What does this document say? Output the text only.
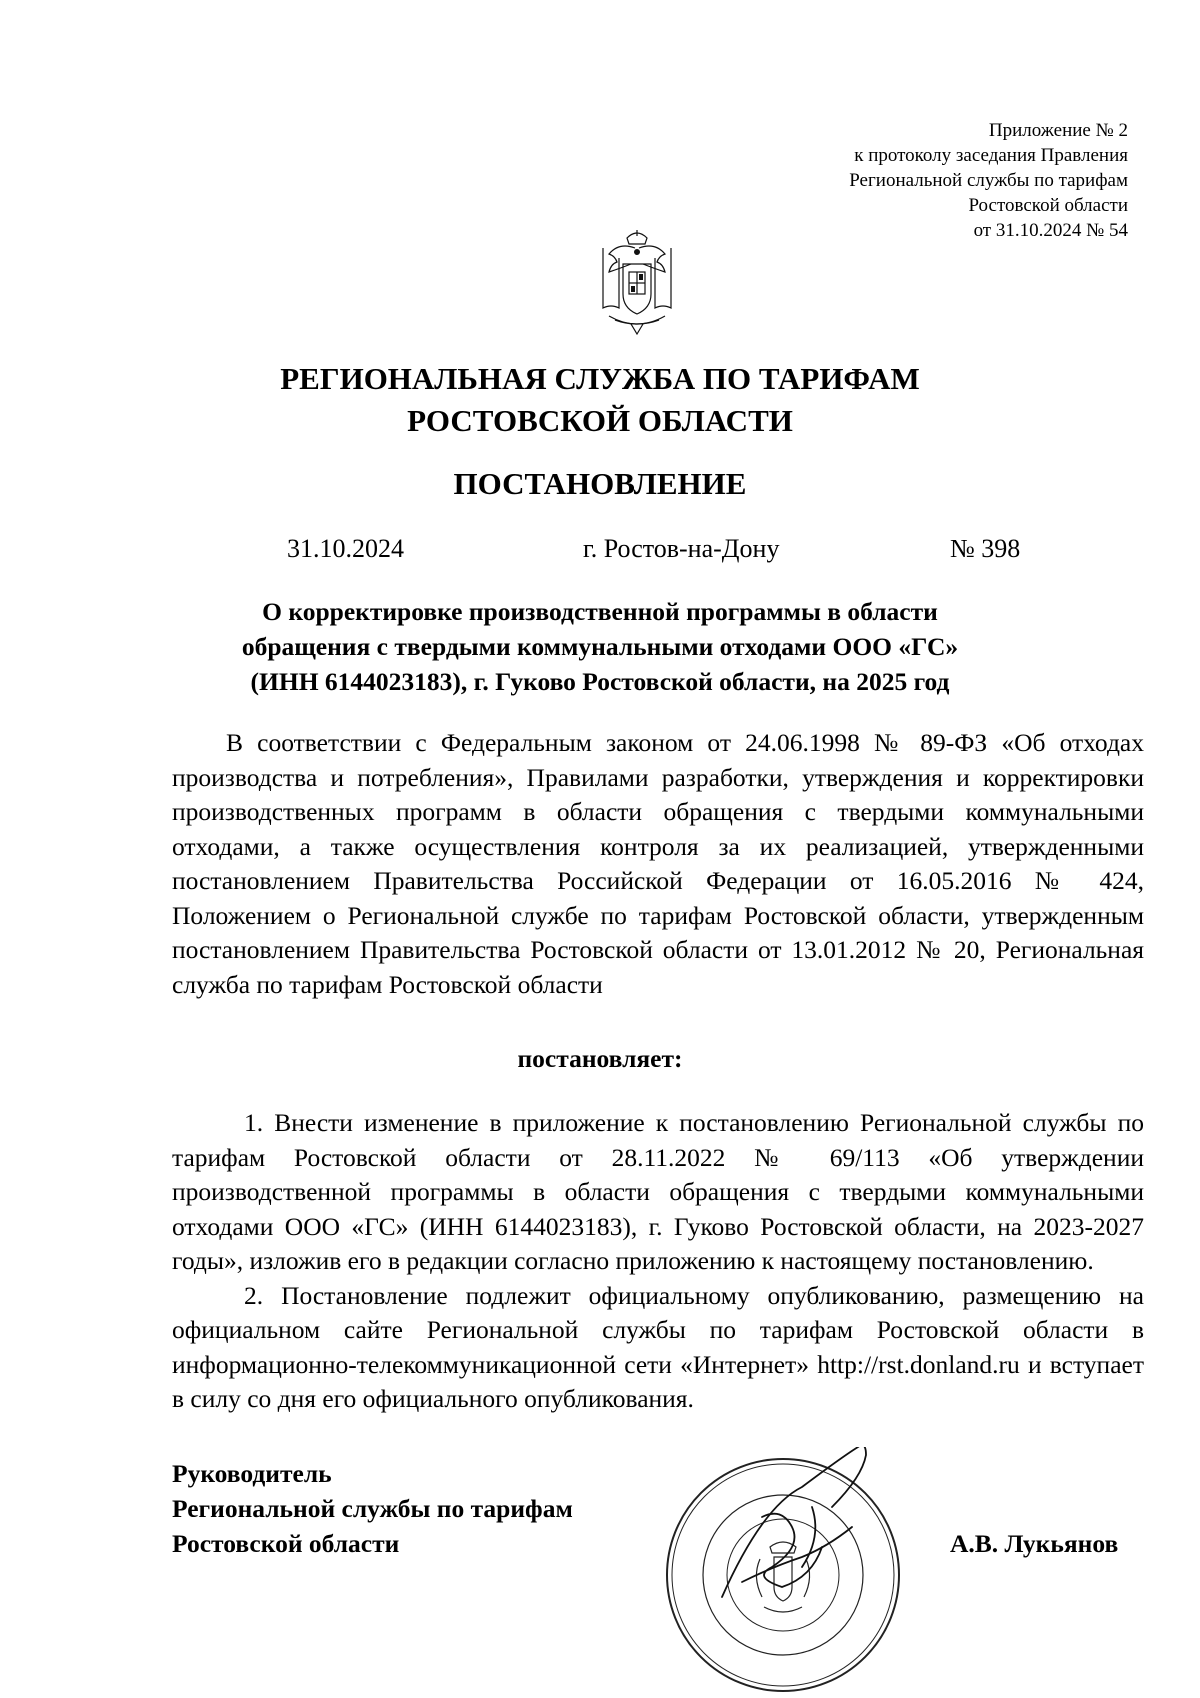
Приложение № 2
к протоколу заседания Правления
Региональной службы по тарифам
Ростовской области
от 31.10.2024 № 54
РЕГИОНАЛЬНАЯ СЛУЖБА ПО ТАРИФАМ
РОСТОВСКОЙ ОБЛАСТИ
ПОСТАНОВЛЕНИЕ
31.10.2024	г. Ростов-на-Дону	№ 398
О корректировке производственной программы в области
обращения с твердыми коммунальными отходами ООО «ГС»
(ИНН 6144023183), г. Гуково Ростовской области, на 2025 год
В соответствии с Федеральным законом от 24.06.1998 № 89-ФЗ «Об отходах производства и потребления», Правилами разработки, утверждения и корректировки производственных программ в области обращения с твердыми коммунальными отходами, а также осуществления контроля за их реализацией, утвержденными постановлением Правительства Российской Федерации от 16.05.2016 № 424, Положением о Региональной службе по тарифам Ростовской области, утвержденным постановлением Правительства Ростовской области от 13.01.2012 № 20, Региональная служба по тарифам Ростовской области
постановляет:
1. Внести изменение в приложение к постановлению Региональной службы по тарифам Ростовской области от 28.11.2022 № 69/113 «Об утверждении производственной программы в области обращения с твердыми коммунальными отходами ООО «ГС» (ИНН 6144023183), г. Гуково Ростовской области, на 2023-2027 годы», изложив его в редакции согласно приложению к настоящему постановлению.
2. Постановление подлежит официальному опубликованию, размещению на официальном сайте Региональной службы по тарифам Ростовской области в информационно-телекоммуникационной сети «Интернет» http://rst.donland.ru и вступает в силу со дня его официального опубликования.
Руководитель
Региональной службы по тарифам
Ростовской области	А.В. Лукьянов
